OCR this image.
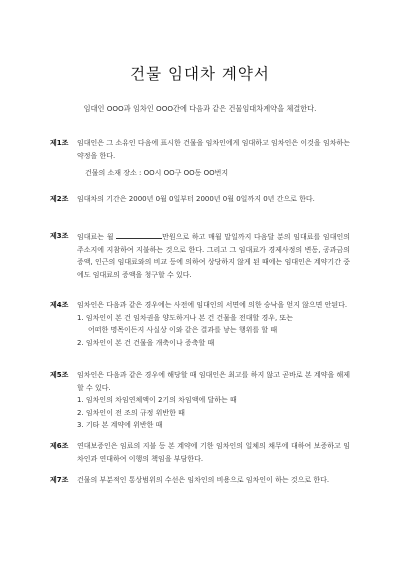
건물 임대차 계약서
임대인 OOO과 임차인 OOO간에 다음과 같은 건물임대차계약을 체결한다.
제1조 임대인은 그 소유인 다음에 표시한 건물을 임차인에게 임대하고 임차인은 이것을 임차하는 약정을 한다.
건물의 소재 장소 : OO시 OO구 OO동 OO번지
제2조 임대차의 기간은 2000년 0월 0일부터 2000년 0월 0일까지 0년 간으로 한다.
제3조 임대료는 월	만원으로 하고 매월 말일까지 다음달 분의 임대료를 임대인의 주소지에 지참하여 지불하는 것으로 한다. 그리고 그 임대료가 경제사정의 변동, 공과금의 증액, 인근의 임대료와의 비교 등에 의하여 상당하지 않게 된 때에는 임대인은 계약기간 중에도 임대료의 증액을 청구할 수 있다.
제4조 임차인은 다음과 같은 경우에는 사전에 임대인의 서면에 의한 승낙을 얻지 않으면 안된다.
1. 임차인이 본 건 임차권을 양도하거나 본 건 건물을 전대할 경우, 또는
어떠한 명목이든지 사실상 이와 같은 결과를 낳는 행위를 할 때
2. 임차인이 본 건 건물을 개축이나 증축할 때
제5조 임차인은 다음과 같은 경우에 해당할 때 임대인은 최고를 하지 않고 곧바로 본 계약을 해제할 수 있다.
1. 임차인의 차임연체액이 2기의 차임액에 달하는 때
2. 임차인이 전 조의 규정 위반한 때
3. 기타 본 계약에 위반한 때
제6조 연대보증인은 임료의 지불 등 본 계약에 기한 임차인의 일체의 채무에 대하여 보증하고 임차인과 연대하여 이행의 책임을 부담한다.
제7조 건물의 부분적인 통상범위의 수선은 임차인의 비용으로 임차인이 하는 것으로 한다.
